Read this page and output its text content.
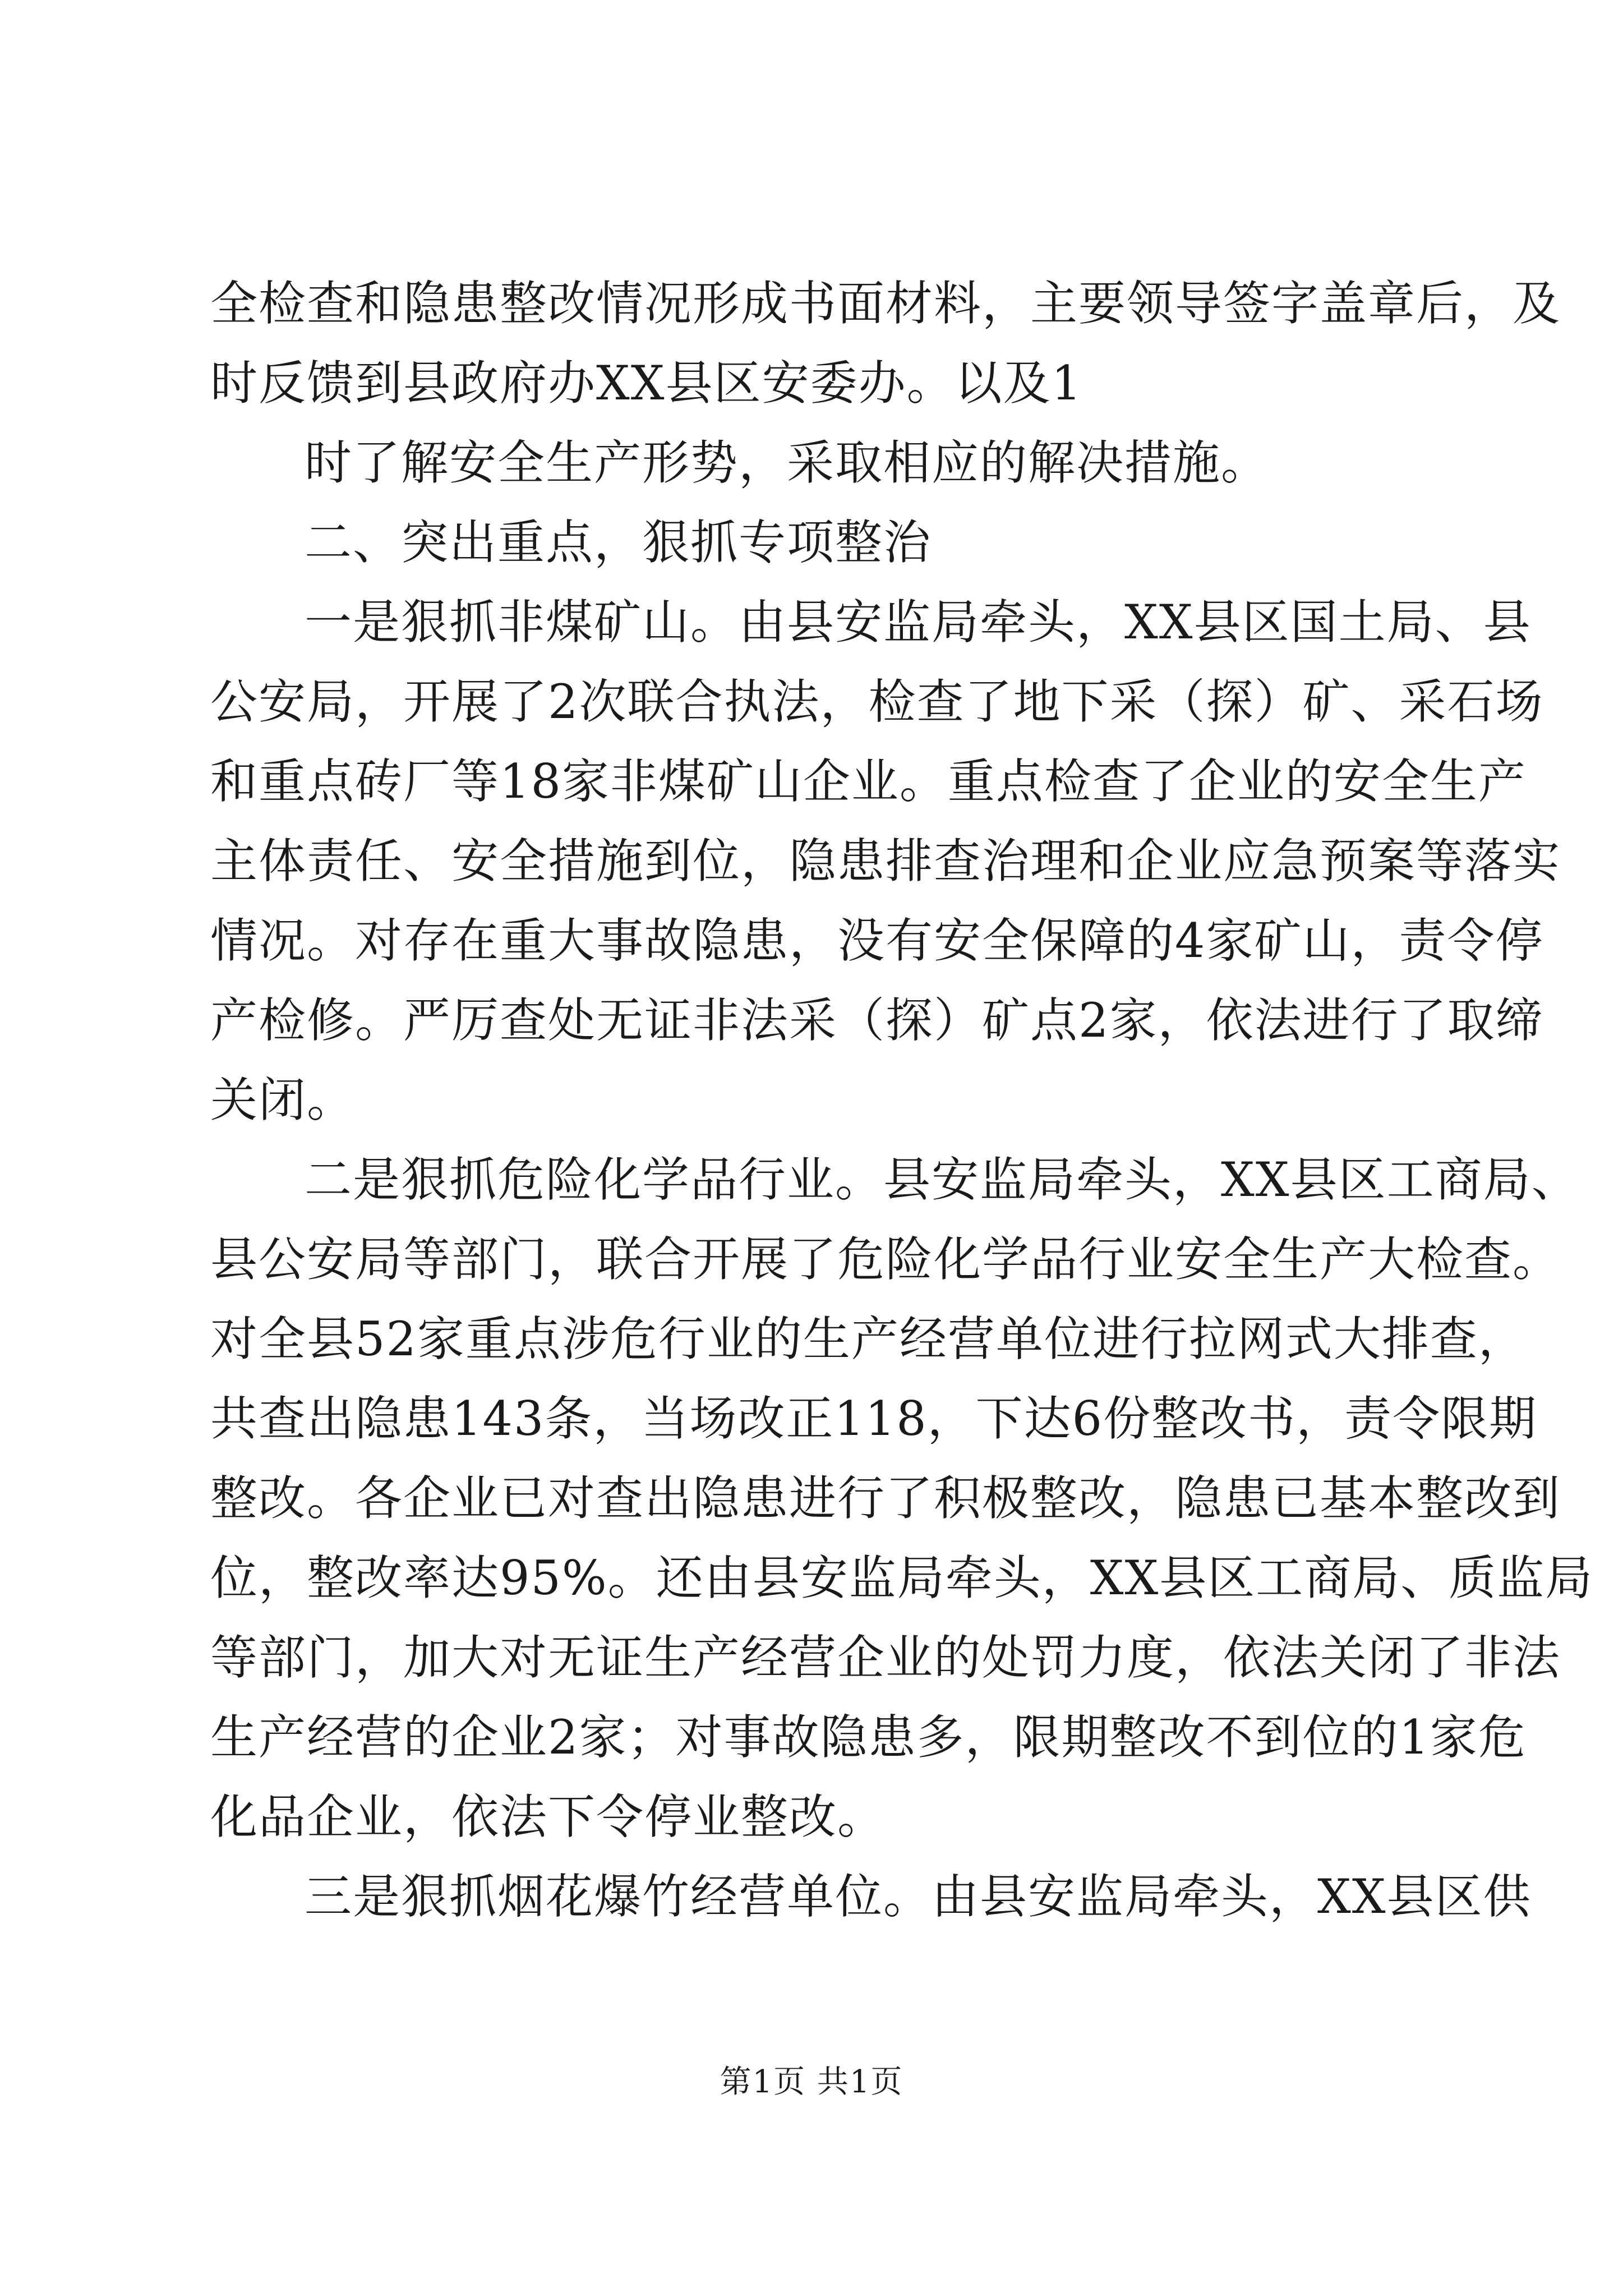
全检查和隐患整改情况形成书面材料，主要领导签字盖章后，及
时反馈到县政府办XX县区安委办。以及1
时了解安全生产形势，采取相应的解决措施。
二、突出重点，狠抓专项整治
一是狠抓非煤矿山。由县安监局牵头，XX县区国土局、县
公安局，开展了2次联合执法，检查了地下采（探）矿、采石场
和重点砖厂等18家非煤矿山企业。重点检查了企业的安全生产
主体责任、安全措施到位，隐患排查治理和企业应急预案等落实
情况。对存在重大事故隐患，没有安全保障的4家矿山，责令停
产检修。严厉查处无证非法采（探）矿点2家，依法进行了取缔
关闭。
二是狠抓危险化学品行业。县安监局牵头，XX县区工商局、
县公安局等部门，联合开展了危险化学品行业安全生产大检查。
对全县52家重点涉危行业的生产经营单位进行拉网式大排查，
共查出隐患143条，当场改正118，下达6份整改书，责令限期
整改。各企业已对查出隐患进行了积极整改，隐患已基本整改到
位，整改率达95%。还由县安监局牵头，XX县区工商局、质监局
等部门，加大对无证生产经营企业的处罚力度，依法关闭了非法
生产经营的企业2家；对事故隐患多，限期整改不到位的1家危
化品企业，依法下令停业整改。
三是狠抓烟花爆竹经营单位。由县安监局牵头，XX县区供
第1页 共1页
